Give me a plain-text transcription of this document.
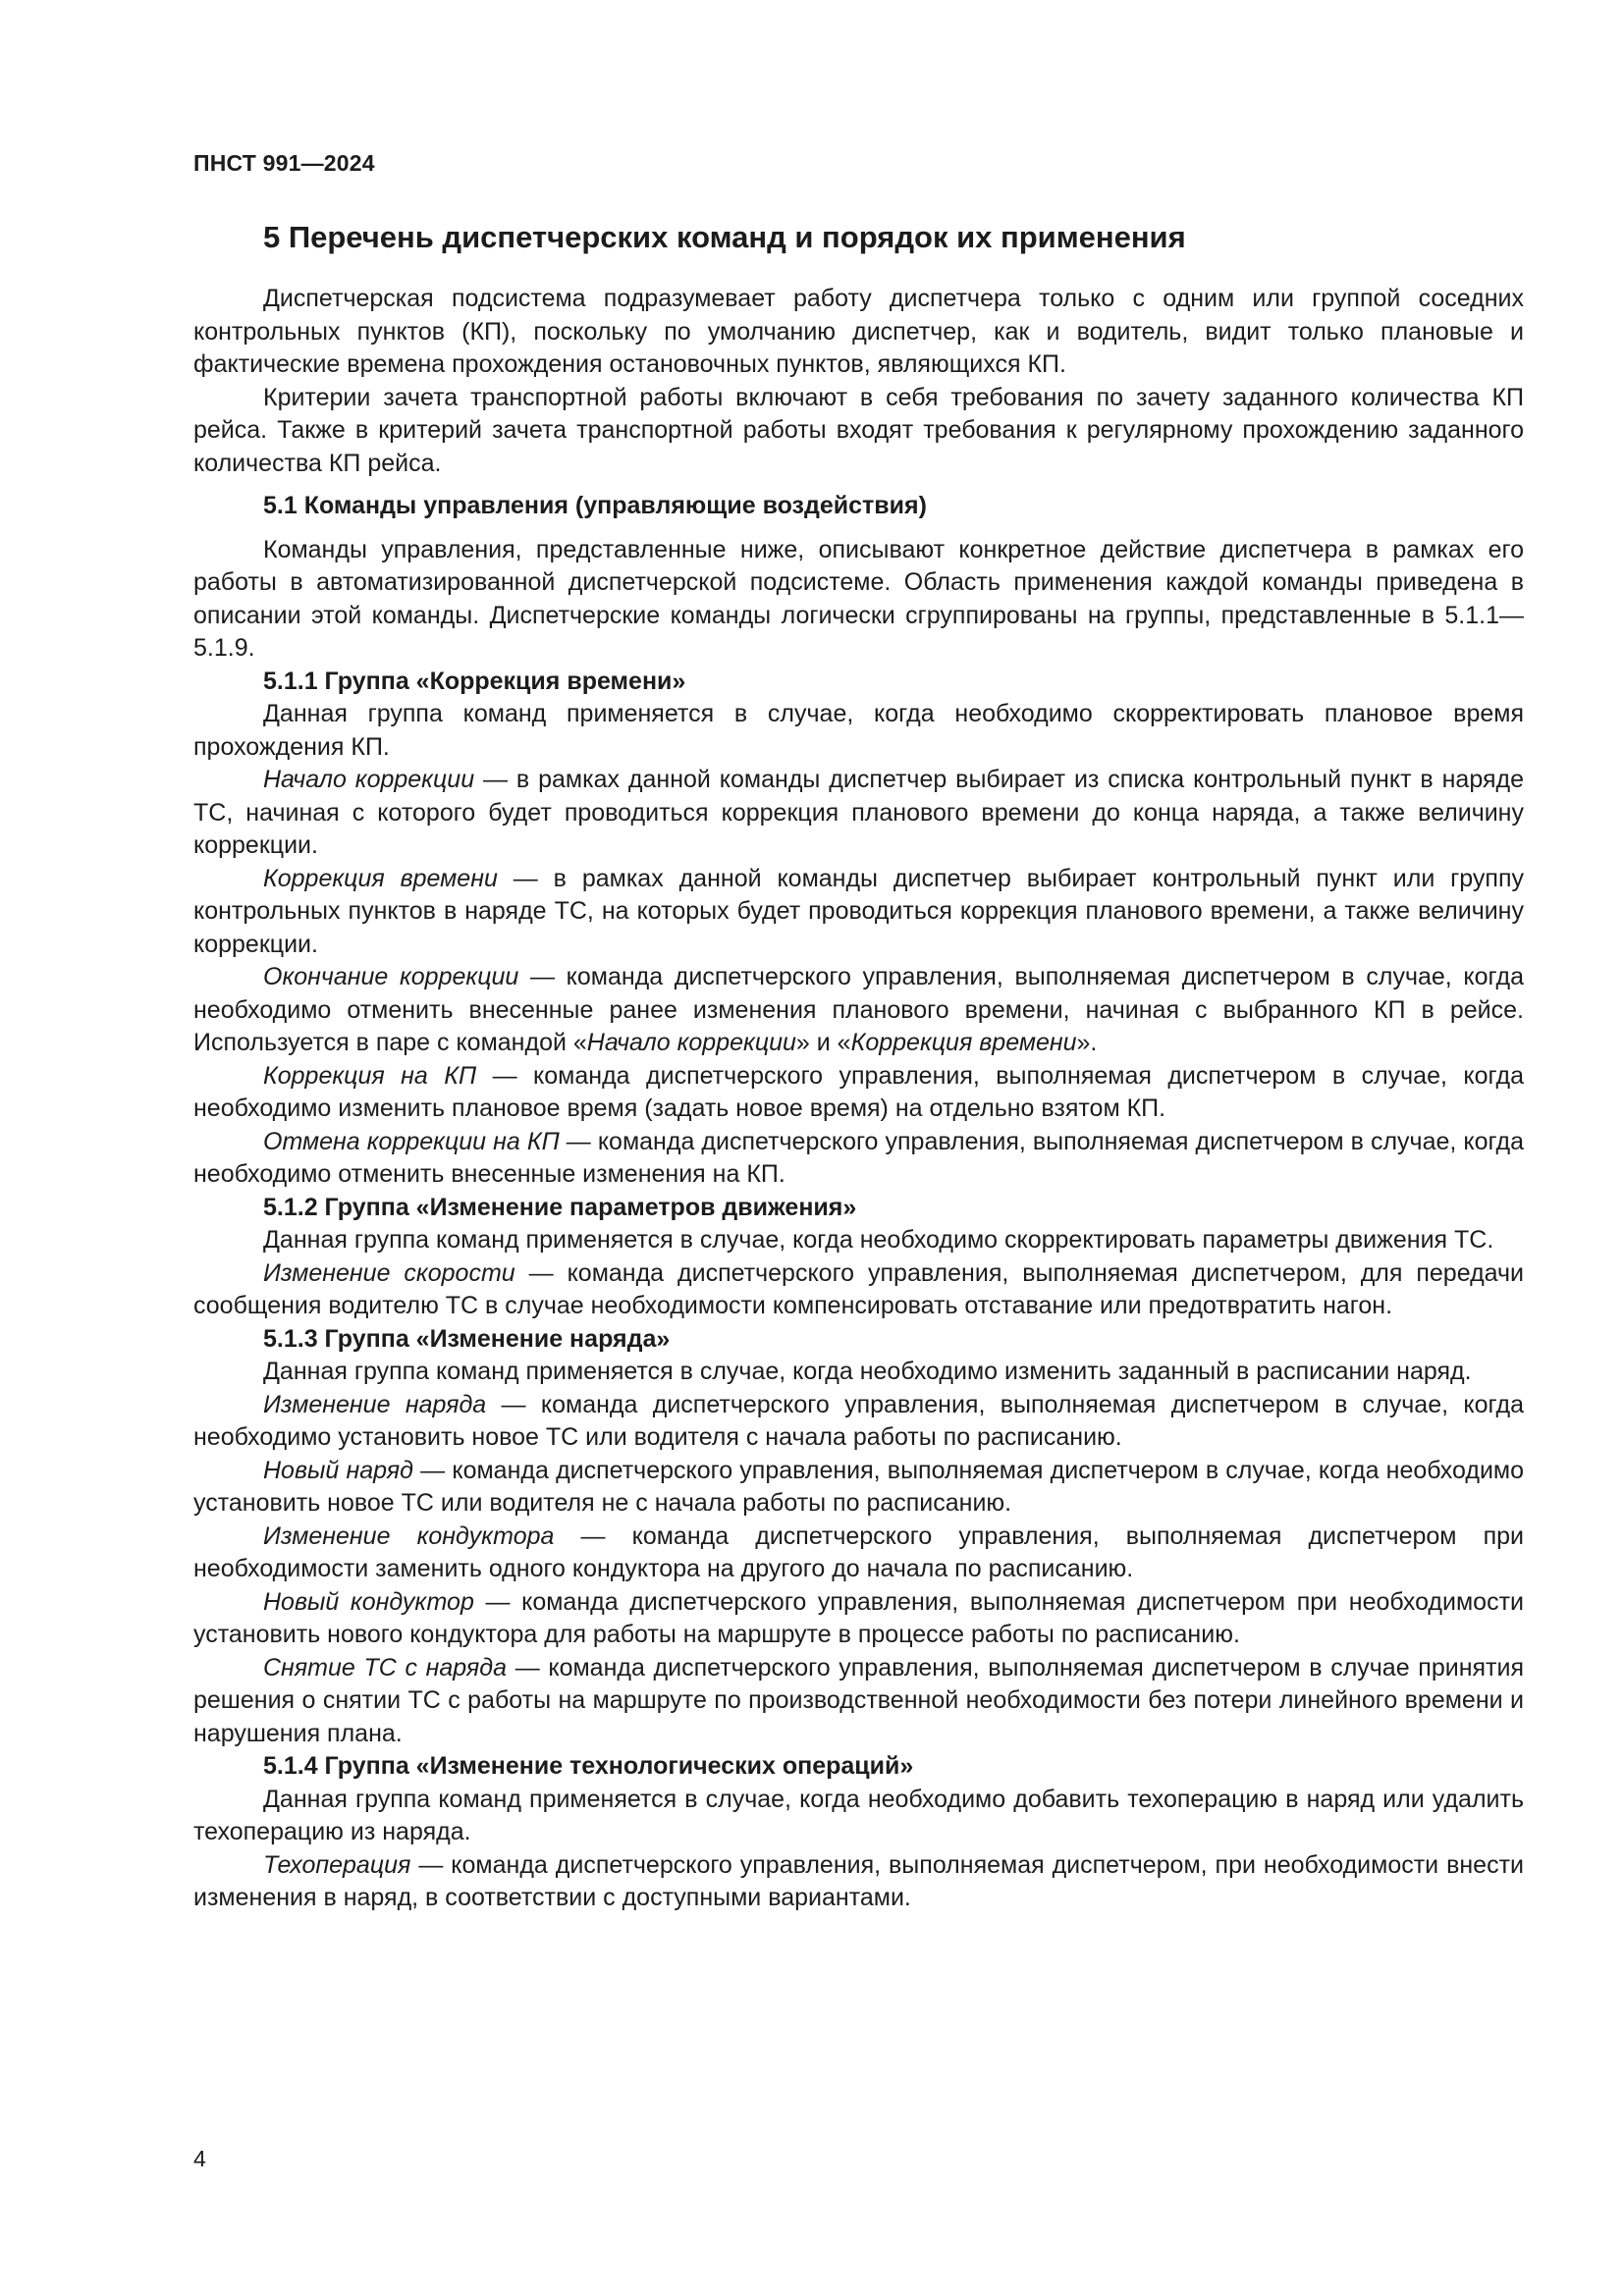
ПНСТ 991—2024
5 Перечень диспетчерских команд и порядок их применения

Диспетчерская подсистема подразумевает работу диспетчера только с одним или группой соседних контрольных пунктов (КП), поскольку по умолчанию диспетчер, как и водитель, видит только плановые и фактические времена прохождения остановочных пунктов, являющихся КП.

Критерии зачета транспортной работы включают в себя требования по зачету заданного количества КП рейса. Также в критерий зачета транспортной работы входят требования к регулярному прохождению заданного количества КП рейса.

5.1 Команды управления (управляющие воздействия)

Команды управления, представленные ниже, описывают конкретное действие диспетчера в рамках его работы в автоматизированной диспетчерской подсистеме. Область применения каждой команды приведена в описании этой команды. Диспетчерские команды логически сгруппированы на группы, представленные в 5.1.1—5.1.9.

5.1.1 Группа «Коррекция времени»

Данная группа команд применяется в случае, когда необходимо скорректировать плановое время прохождения КП.

Начало коррекции — в рамках данной команды диспетчер выбирает из списка контрольный пункт в наряде ТС, начиная с которого будет проводиться коррекция планового времени до конца наряда, а также величину коррекции.

Коррекция времени — в рамках данной команды диспетчер выбирает контрольный пункт или группу контрольных пунктов в наряде ТС, на которых будет проводиться коррекция планового времени, а также величину коррекции.

Окончание коррекции — команда диспетчерского управления, выполняемая диспетчером в случае, когда необходимо отменить внесенные ранее изменения планового времени, начиная с выбранного КП в рейсе. Используется в паре с командой «Начало коррекции» и «Коррекция времени».

Коррекция на КП — команда диспетчерского управления, выполняемая диспетчером в случае, когда необходимо изменить плановое время (задать новое время) на отдельно взятом КП.

Отмена коррекции на КП — команда диспетчерского управления, выполняемая диспетчером в случае, когда необходимо отменить внесенные изменения на КП.

5.1.2 Группа «Изменение параметров движения»

Данная группа команд применяется в случае, когда необходимо скорректировать параметры движения ТС.

Изменение скорости — команда диспетчерского управления, выполняемая диспетчером, для передачи сообщения водителю ТС в случае необходимости компенсировать отставание или предотвратить нагон.

5.1.3 Группа «Изменение наряда»

Данная группа команд применяется в случае, когда необходимо изменить заданный в расписании наряд.

Изменение наряда — команда диспетчерского управления, выполняемая диспетчером в случае, когда необходимо установить новое ТС или водителя с начала работы по расписанию.

Новый наряд — команда диспетчерского управления, выполняемая диспетчером в случае, когда необходимо установить новое ТС или водителя не с начала работы по расписанию.

Изменение кондуктора — команда диспетчерского управления, выполняемая диспетчером при необходимости заменить одного кондуктора на другого до начала по расписанию.

Новый кондуктор — команда диспетчерского управления, выполняемая диспетчером при необходимости установить нового кондуктора для работы на маршруте в процессе работы по расписанию.

Снятие ТС с наряда — команда диспетчерского управления, выполняемая диспетчером в случае принятия решения о снятии ТС с работы на маршруте по производственной необходимости без потери линейного времени и нарушения плана.

5.1.4 Группа «Изменение технологических операций»

Данная группа команд применяется в случае, когда необходимо добавить техоперацию в наряд или удалить техоперацию из наряда.

Техоперация — команда диспетчерского управления, выполняемая диспетчером, при необходимости внести изменения в наряд, в соответствии с доступными вариантами.

4
